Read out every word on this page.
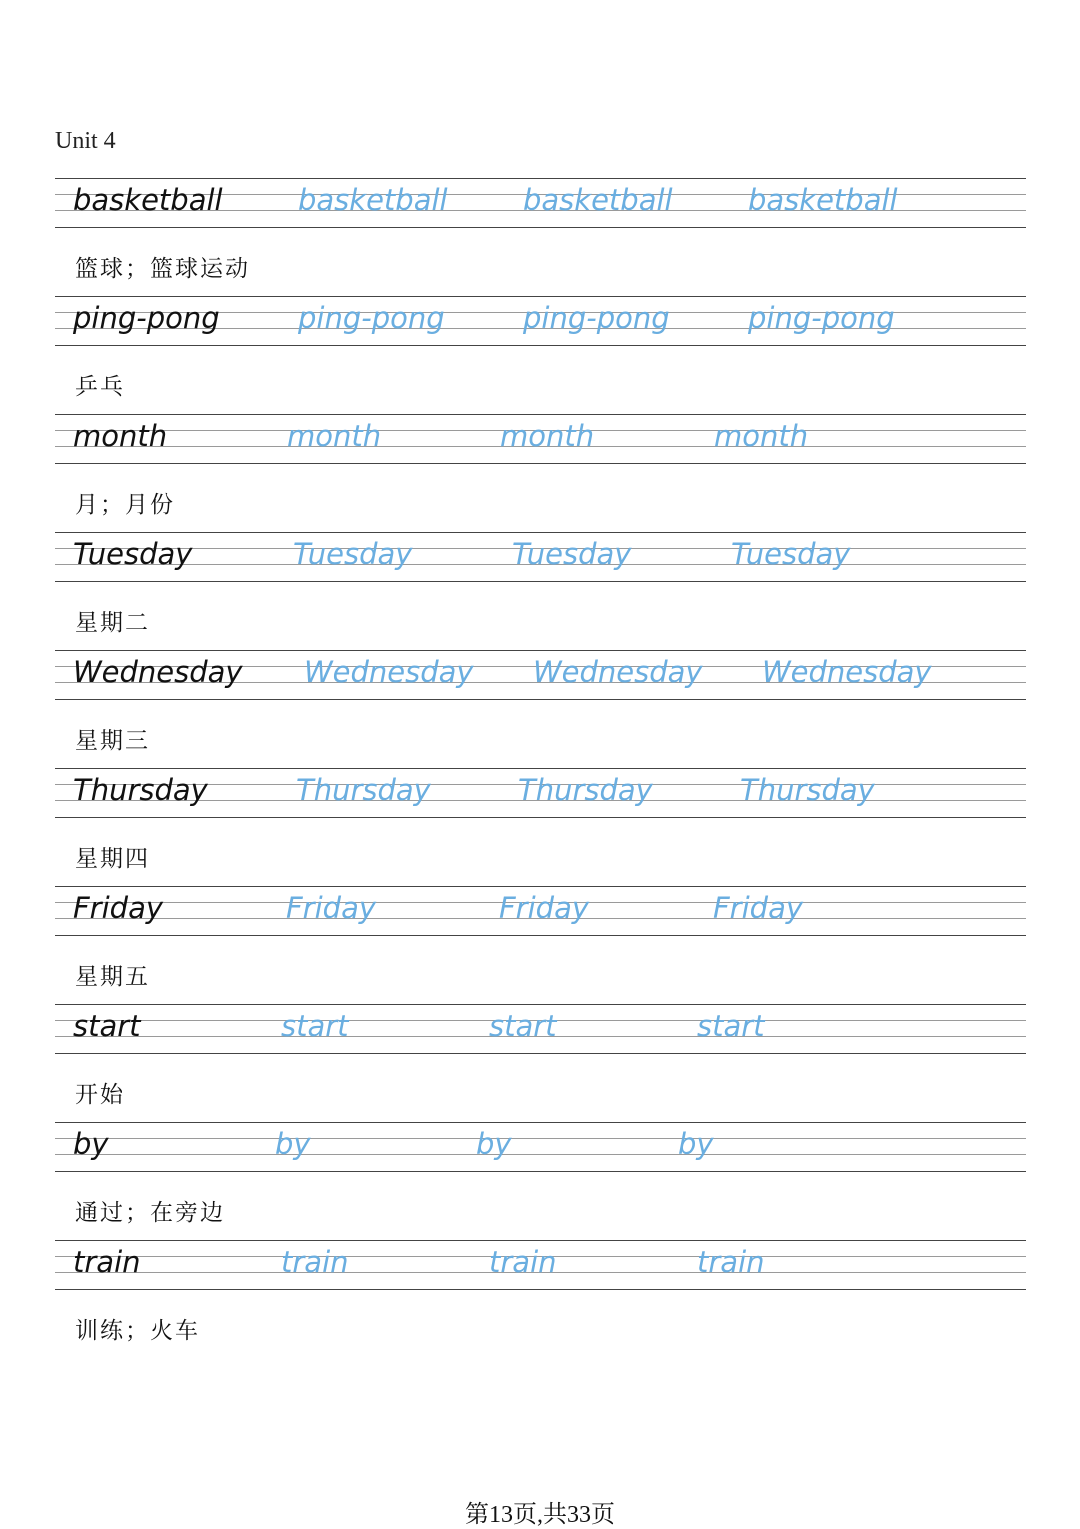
Unit 4
basketball	basketball	basketball	basketball
篮球；篮球运动
ping-pong	ping-pong	ping-pong	ping-pong
乒乓
month	month	month	month
月；月份
Tuesday	Tuesday	Tuesday	Tuesday
星期二
Wednesday Wednesday Wednesday Wednesday
星期三
Thursday	Thursday	Thursday	Thursday
星期四
Friday	Friday	Friday	Friday
星期五
start	start	start	start
开始
by	by	by	by
通过；在旁边
train	train	train	train
训练；火车
第13页,共33页
